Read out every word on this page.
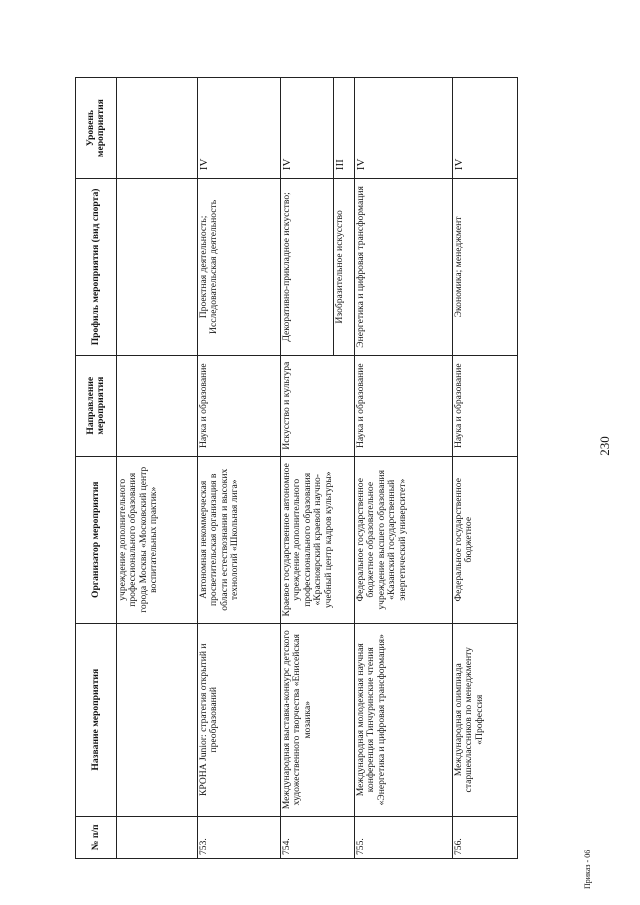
230
№ п/п	Название мероприятия	Организатор мероприятия	Направление мероприятия	Профиль мероприятия (вид спорта)	Уровень мероприятия
		учреждение дополнительного профессионального образования города Москвы «Московский центр воспитательных практик»			
753.	КРОНА Junior: стратегия открытий и преобразований	Автономная некоммерческая просветительская организация в области естествознания и высоких технологий «Школьная лига»	Наука и образование	Проектная деятельность; Исследовательская деятельность	IV
754.	Международная выставка-конкурс детского художественного творчества «Енисейская мозаика»	Краевое государственное автономное учреждение дополнительного профессионального образования «Красноярский краевой научно-учебный центр кадров культуры»	Искусство и культура	Декоративно-прикладное искусство;	IV
				Изобразительное искусство	III
755.	Международная молодежная научная конференция Тинчуринские чтения «Энергетика и цифровая трансформация»	Федеральное государственное бюджетное образовательное учреждение высшего образования «Казанский государственный энергетический университет»	Наука и образование	Энергетика и цифровая трансформация	IV
756.	Международная олимпиада старшеклассников по менеджменту «Профессия	Федеральное государственное бюджетное	Наука и образование	Экономика; менеджмент	IV
Приказ - 06
